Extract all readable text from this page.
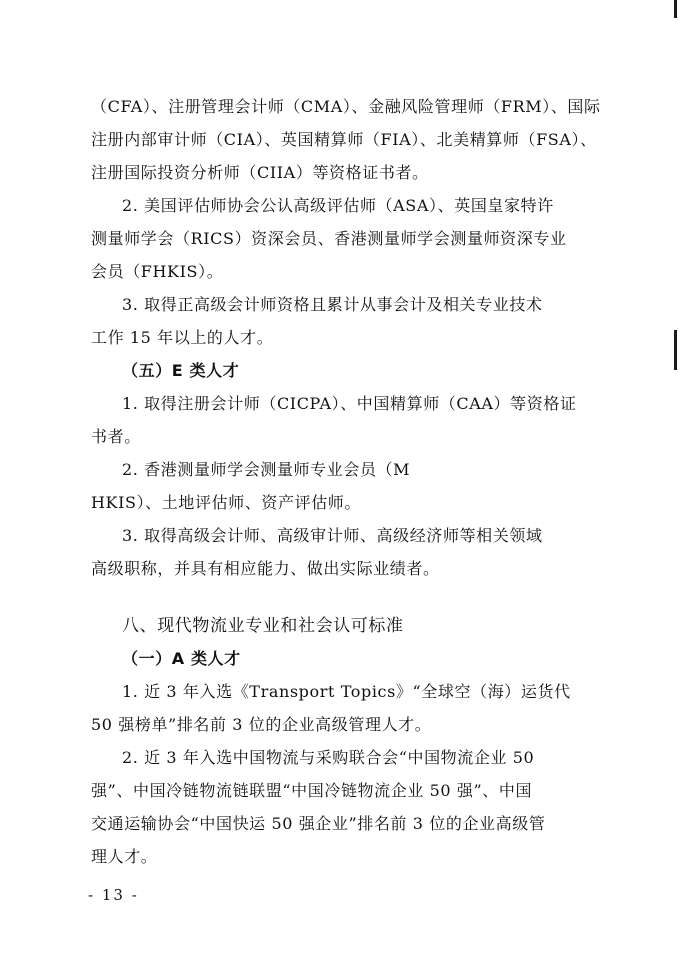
（CFA）、注册管理会计师（CMA）、金融风险管理师（FRM）、国际
注册内部审计师（CIA）、英国精算师（FIA）、北美精算师（FSA）、
注册国际投资分析师（CIIA）等资格证书者。
2. 美国评估师协会公认高级评估师（ASA）、英国皇家特许
测量师学会（RICS）资深会员、香港测量师学会测量师资深专业
会员（FHKIS）。
3. 取得正高级会计师资格且累计从事会计及相关专业技术
工作 15 年以上的人才。
（五）E 类人才
1. 取得注册会计师（CICPA）、中国精算师（CAA）等资格证
书者。
2. 香港测量师学会测量师专业会员（M
HKIS）、土地评估师、资产评估师。
3. 取得高级会计师、高级审计师、高级经济师等相关领域
高级职称，并具有相应能力、做出实际业绩者。
八、现代物流业专业和社会认可标准
（一）A 类人才
1. 近 3 年入选《Transport Topics》“全球空（海）运货代
50 强榜单”排名前 3 位的企业高级管理人才。
2. 近 3 年入选中国物流与采购联合会“中国物流企业 50
强”、中国冷链物流链联盟“中国冷链物流企业 50 强”、中国
交通运输协会“中国快运 50 强企业”排名前 3 位的企业高级管
理人才。
- 13 -
